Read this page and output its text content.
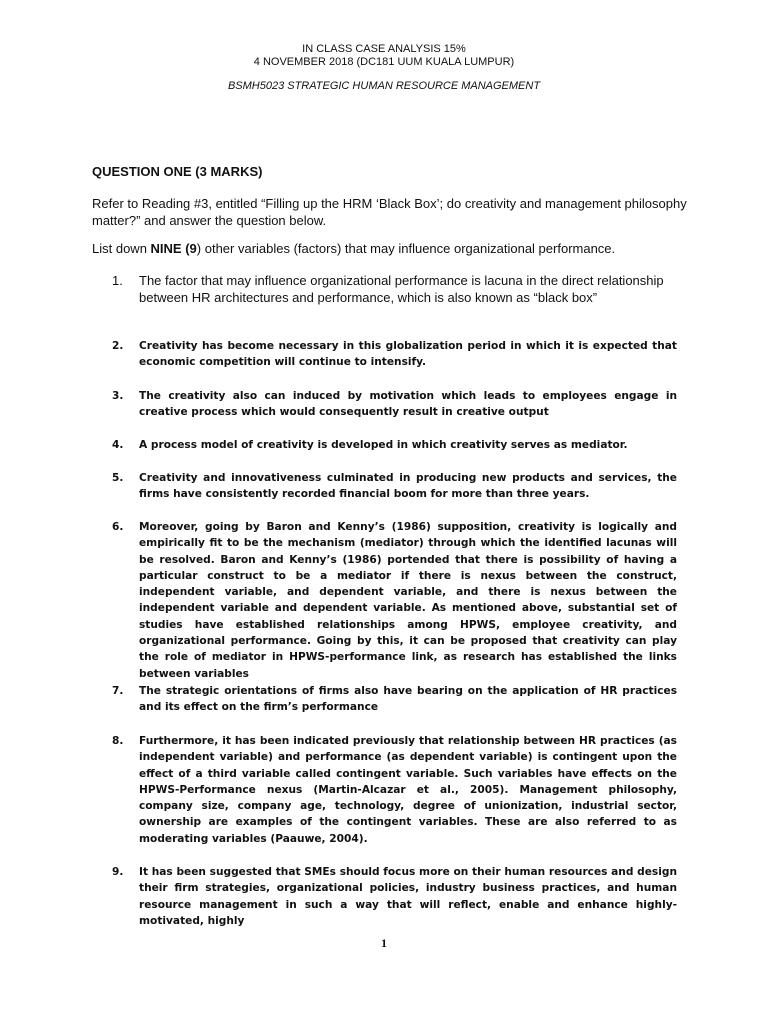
IN CLASS CASE ANALYSIS 15%
4 NOVEMBER 2018 (DC181 UUM KUALA LUMPUR)
BSMH5023 STRATEGIC HUMAN RESOURCE MANAGEMENT
QUESTION ONE (3 MARKS)

Refer to Reading #3, entitled “Filling up the HRM ‘Black Box’; do creativity and management philosophy matter?” and answer the question below.

List down NINE (9) other variables (factors) that may influence organizational performance.

1.	The factor that may influence organizational performance is lacuna in the direct relationship between HR architectures and performance, which is also known as “black box”

2.	Creativity has become necessary in this globalization period in which it is expected that economic competition will continue to intensify.

3.	The creativity also can induced by motivation which leads to employees engage in creative process which would consequently result in creative output

4.	A process model of creativity is developed in which creativity serves as mediator.

5.	Creativity and innovativeness culminated in producing new products and services, the firms have consistently recorded financial boom for more than three years.

6.	Moreover, going by Baron and Kenny’s (1986) supposition, creativity is logically and empirically fit to be the mechanism (mediator) through which the identified lacunas will be resolved. Baron and Kenny’s (1986) portended that there is possibility of having a particular construct to be a mediator if there is nexus between the construct, independent variable, and dependent variable, and there is nexus between the independent variable and dependent variable. As mentioned above, substantial set of studies have established relationships among HPWS, employee creativity, and organizational performance. Going by this, it can be proposed that creativity can play the role of mediator in HPWS-performance link, as research has established the links between variables

7.	The strategic orientations of firms also have bearing on the application of HR practices and its effect on the firm’s performance

8.	Furthermore, it has been indicated previously that relationship between HR practices (as independent variable) and performance (as dependent variable) is contingent upon the effect of a third variable called contingent variable. Such variables have effects on the HPWS-Performance nexus (Martin-Alcazar et al., 2005). Management philosophy, company size, company age, technology, degree of unionization, industrial sector, ownership are examples of the contingent variables. These are also referred to as moderating variables (Paauwe, 2004).

9.	It has been suggested that SMEs should focus more on their human resources and design their firm strategies, organizational policies, industry business practices, and human resource management in such a way that will reflect, enable and enhance highly-motivated, highly

1
